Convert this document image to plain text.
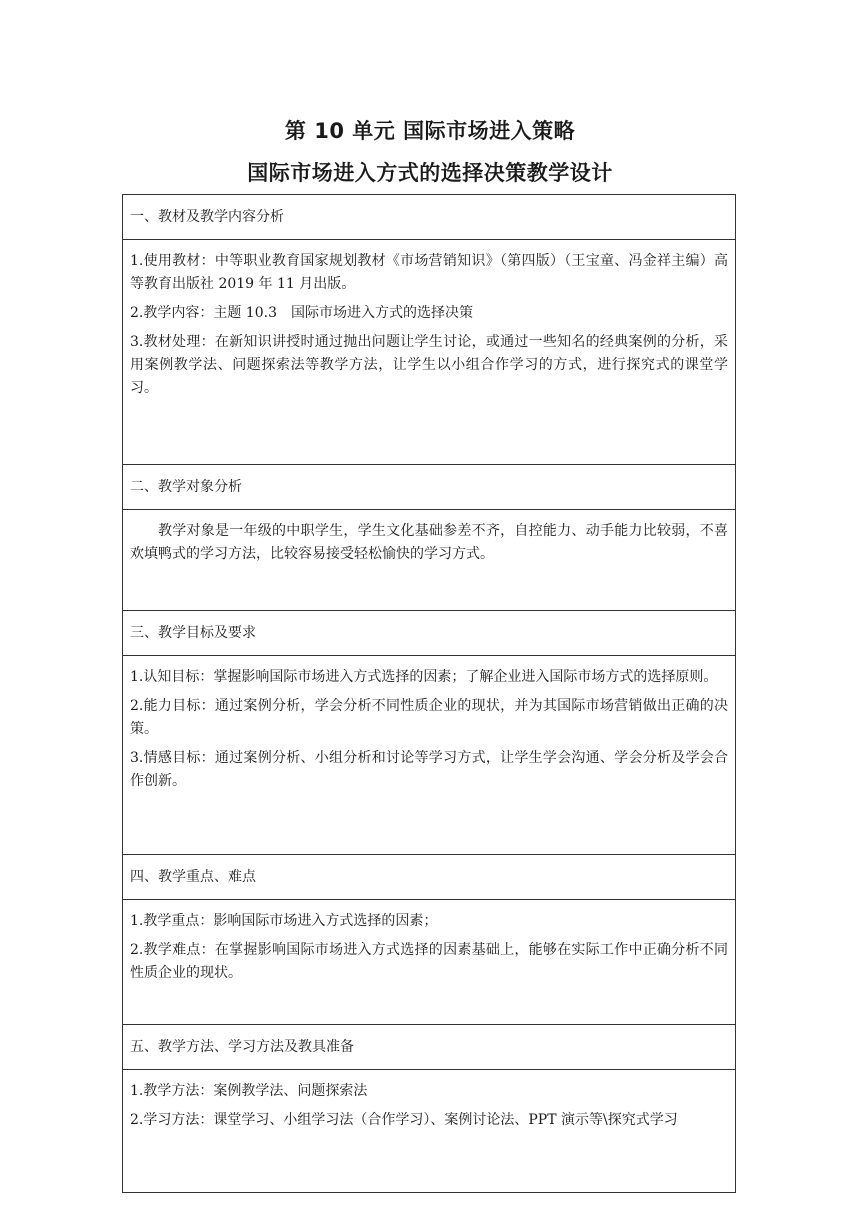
第 10 单元 国际市场进入策略
国际市场进入方式的选择决策教学设计
一、教材及教学内容分析

1.使用教材：中等职业教育国家规划教材《市场营销知识》（第四版）（王宝童、冯金祥主编）高等教育出版社 2019 年 11 月出版。
2.教学内容：主题 10.3　国际市场进入方式的选择决策
3.教材处理：在新知识讲授时通过抛出问题让学生讨论，或通过一些知名的经典案例的分析，采用案例教学法、问题探索法等教学方法，让学生以小组合作学习的方式，进行探究式的课堂学习。

二、教学对象分析

教学对象是一年级的中职学生，学生文化基础参差不齐，自控能力、动手能力比较弱，不喜欢填鸭式的学习方法，比较容易接受轻松愉快的学习方式。

三、教学目标及要求

1.认知目标：掌握影响国际市场进入方式选择的因素；了解企业进入国际市场方式的选择原则。
2.能力目标：通过案例分析，学会分析不同性质企业的现状，并为其国际市场营销做出正确的决策。
3.情感目标：通过案例分析、小组分析和讨论等学习方式，让学生学会沟通、学会分析及学会合作创新。

四、教学重点、难点

1.教学重点：影响国际市场进入方式选择的因素；
2.教学难点：在掌握影响国际市场进入方式选择的因素基础上，能够在实际工作中正确分析不同性质企业的现状。

五、教学方法、学习方法及教具准备

1.教学方法：案例教学法、问题探索法
2.学习方法：课堂学习、小组学习法（合作学习）、案例讨论法、PPT 演示等\探究式学习
